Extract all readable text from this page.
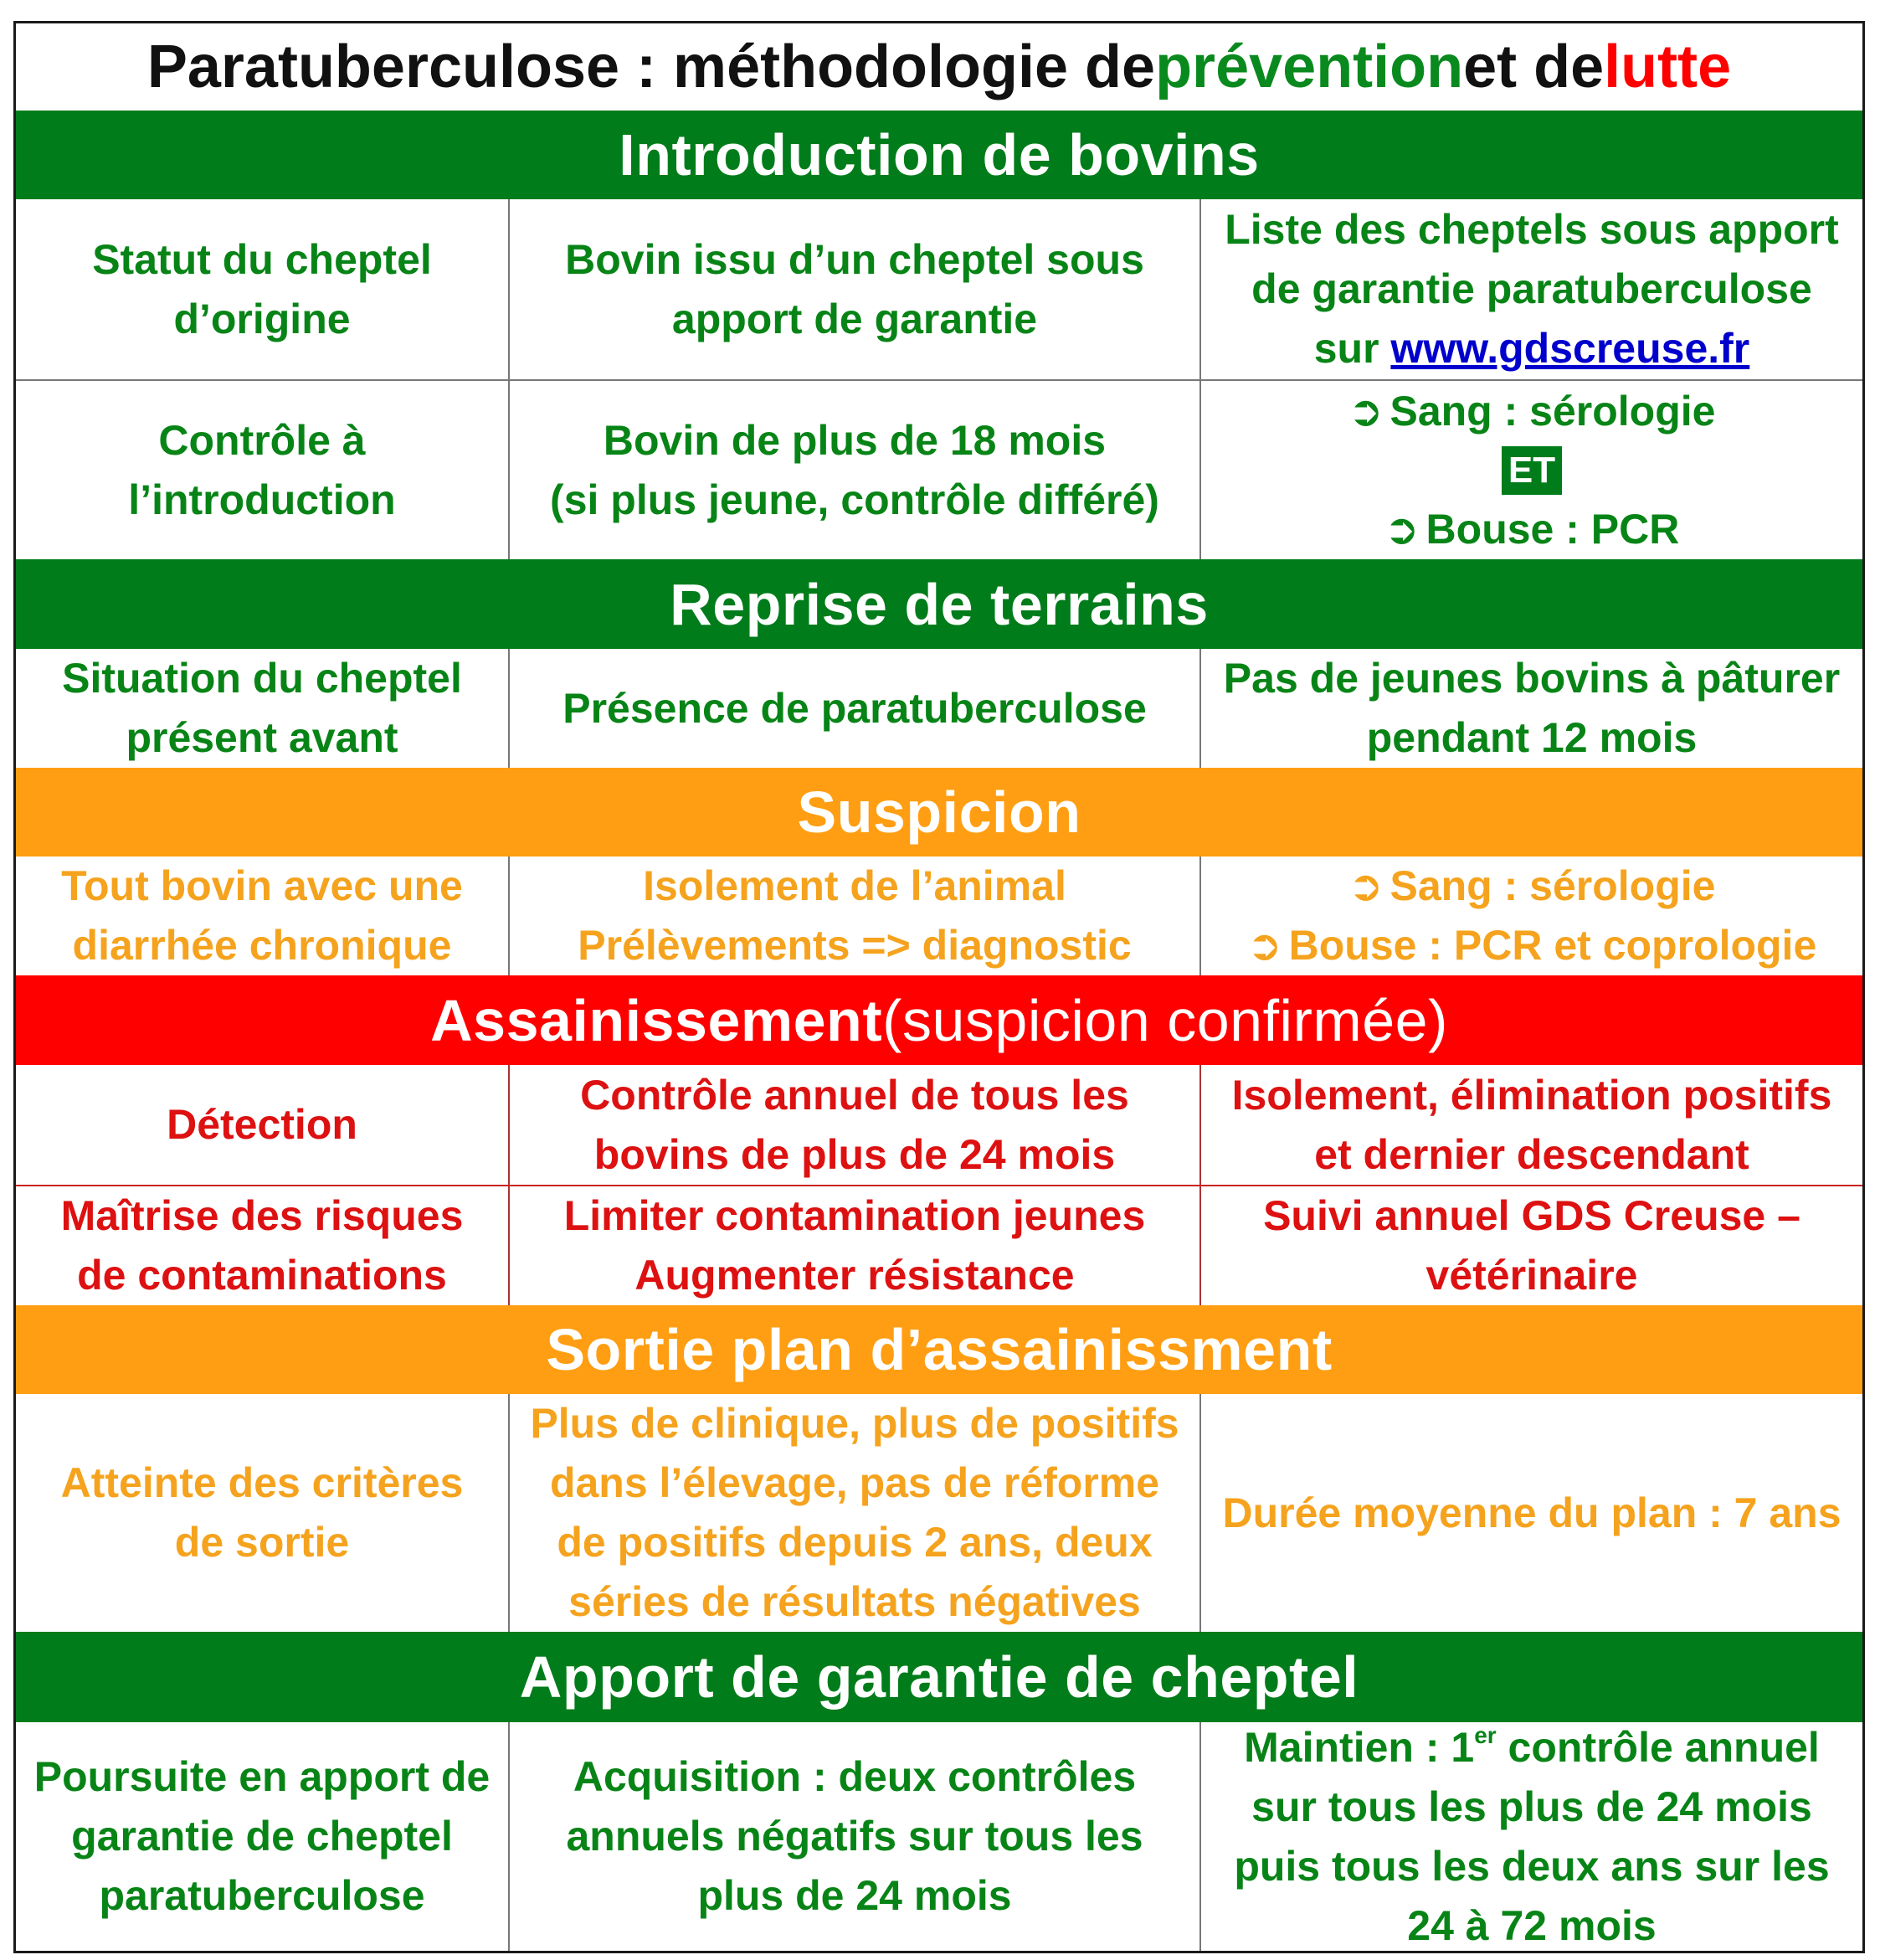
Paratuberculose : méthodologie de prévention et de lutte
Introduction de bovins
Statut du cheptel d’origine
Bovin issu d’un cheptel sous apport de garantie
Liste des cheptels sous apport de garantie paratuberculose sur www.gdscreuse.fr
Contrôle à l’introduction
Bovin de plus de 18 mois
(si plus jeune, contrôle différé)
➲ Sang : sérologie
ET
➲ Bouse : PCR
Reprise de terrains
Situation du cheptel présent avant
Présence de paratuberculose
Pas de jeunes bovins à pâturer pendant 12 mois
Suspicion
Tout bovin avec une diarrhée chronique
Isolement de l’animal
Prélèvements => diagnostic
➲ Sang : sérologie
➲ Bouse : PCR et coprologie
Assainissement (suspicion confirmée)
Détection
Contrôle annuel de tous les bovins de plus de 24 mois
Isolement, élimination positifs et dernier descendant
Maîtrise des risques de contaminations
Limiter contamination jeunes
Augmenter résistance
Suivi annuel GDS Creuse – vétérinaire
Sortie plan d’assainissment
Atteinte des critères de sortie
Plus de clinique, plus de positifs dans l’élevage, pas de réforme de positifs depuis 2 ans, deux séries de résultats négatives
Durée moyenne du plan : 7 ans
Apport de garantie de cheptel
Poursuite en apport de garantie de cheptel paratuberculose
Acquisition : deux contrôles annuels négatifs sur tous les plus de 24 mois
Maintien : 1er contrôle annuel sur tous les plus de 24 mois puis tous les deux ans sur les 24 à 72 mois
